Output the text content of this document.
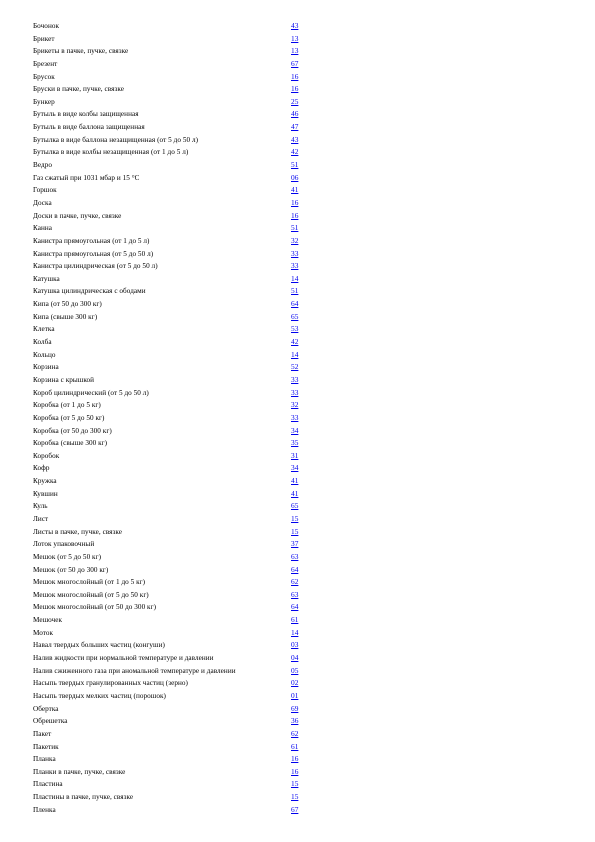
Бочонок	43
Брикет	13
Брикеты в пачке, пучке, связке	13
Брезент	67
Брусок	16
Бруски в пачке, пучке, связке	16
Бункер	25
Бутыль в виде колбы защищенная	46
Бутыль в виде баллона защищенная	47
Бутылка в виде баллона незащищенная (от 5 до 50 л)	43
Бутылка в виде колбы незащищенная (от 1 до 5 л)	42
Ведро	51
Газ сжатый при 1031 мбар и 15 °C	06
Горшок	41
Доска	16
Доски в пачке, пучке, связке	16
Канна	51
Канистра прямоугольная (от 1 до 5 л)	32
Канистра прямоугольная (от 5 до 50 л)	33
Канистра цилиндрическая (от 5 до 50 л)	33
Катушка	14
Катушка цилиндрическая с ободами	51
Кипа (от 50 до 300 кг)	64
Кипа (свыше 300 кг)	65
Клетка	53
Колба	42
Кольцо	14
Корзина	52
Корзина с крышкой	33
Короб цилиндрический (от 5 до 50 л)	33
Коробка (от 1 до 5 кг)	32
Коробка (от 5 до 50 кг)	33
Коробка (от 50 до 300 кг)	34
Коробка (свыше 300 кг)	35
Коробок	31
Кофр	34
Кружка	41
Кувшин	41
Куль	65
Лист	15
Листы в пачке, пучке, связке	15
Лоток упаковочный	37
Мешок (от 5 до 50 кг)	63
Мешок (от 50 до 300 кг)	64
Мешок многослойный (от 1 до 5 кг)	62
Мешок многослойный (от 5 до 50 кг)	63
Мешок многослойный (от 50 до 300 кг)	64
Мешочек	61
Моток	14
Навал твердых больших частиц (конгуши)	03
Налив жидкости при нормальной температуре и давлении	04
Налив сжиженного газа при аномальной температуре и давлении	05
Насыпь твердых гранулированных частиц (зерно)	02
Насыпь твердых мелких частиц (порошок)	01
Обертка	69
Обрешетка	36
Пакет	62
Пакетик	61
Планка	16
Планки в пачке, пучке, связке	16
Пластина	15
Пластины в пачке, пучке, связке	15
Пленка	67
